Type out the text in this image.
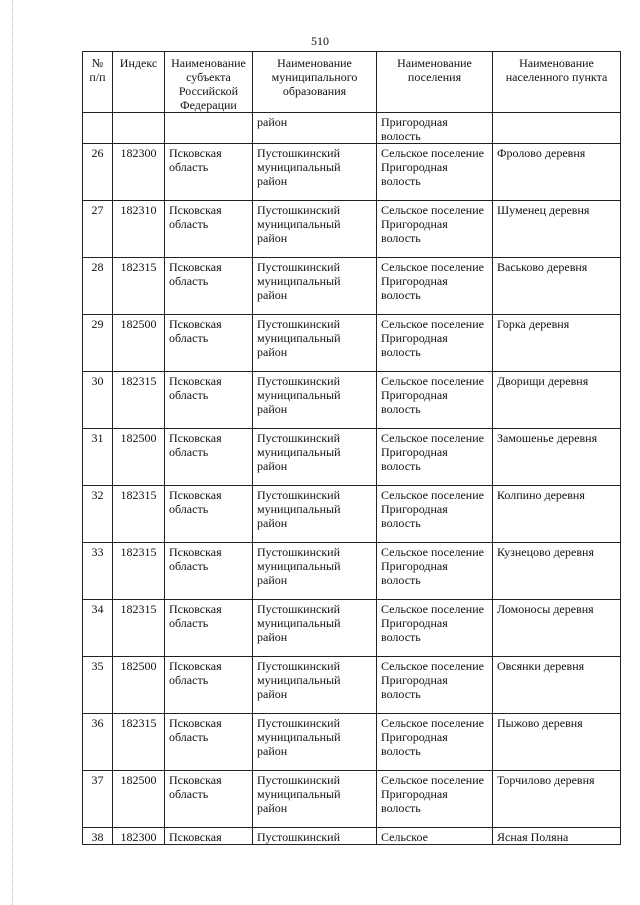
510
№ п/п	Индекс	Наименование субъекта Российской Федерации	Наименование муниципального образования	Наименование поселения	Наименование населенного пункта
			район	Пригородная волость	
26	182300	Псковская область	Пустошкинский муниципальный район	Сельское поселение Пригородная волость	Фролово деревня
27	182310	Псковская область	Пустошкинский муниципальный район	Сельское поселение Пригородная волость	Шуменец деревня
28	182315	Псковская область	Пустошкинский муниципальный район	Сельское поселение Пригородная волость	Васьково деревня
29	182500	Псковская область	Пустошкинский муниципальный район	Сельское поселение Пригородная волость	Горка деревня
30	182315	Псковская область	Пустошкинский муниципальный район	Сельское поселение Пригородная волость	Дворищи деревня
31	182500	Псковская область	Пустошкинский муниципальный район	Сельское поселение Пригородная волость	Замошенье деревня
32	182315	Псковская область	Пустошкинский муниципальный район	Сельское поселение Пригородная волость	Колпино деревня
33	182315	Псковская область	Пустошкинский муниципальный район	Сельское поселение Пригородная волость	Кузнецово деревня
34	182315	Псковская область	Пустошкинский муниципальный район	Сельское поселение Пригородная волость	Ломоносы деревня
35	182500	Псковская область	Пустошкинский муниципальный район	Сельское поселение Пригородная волость	Овсянки деревня
36	182315	Псковская область	Пустошкинский муниципальный район	Сельское поселение Пригородная волость	Пыжово деревня
37	182500	Псковская область	Пустошкинский муниципальный район	Сельское поселение Пригородная волость	Торчилово деревня
38	182300	Псковская	Пустошкинский	Сельское	Ясная Поляна
